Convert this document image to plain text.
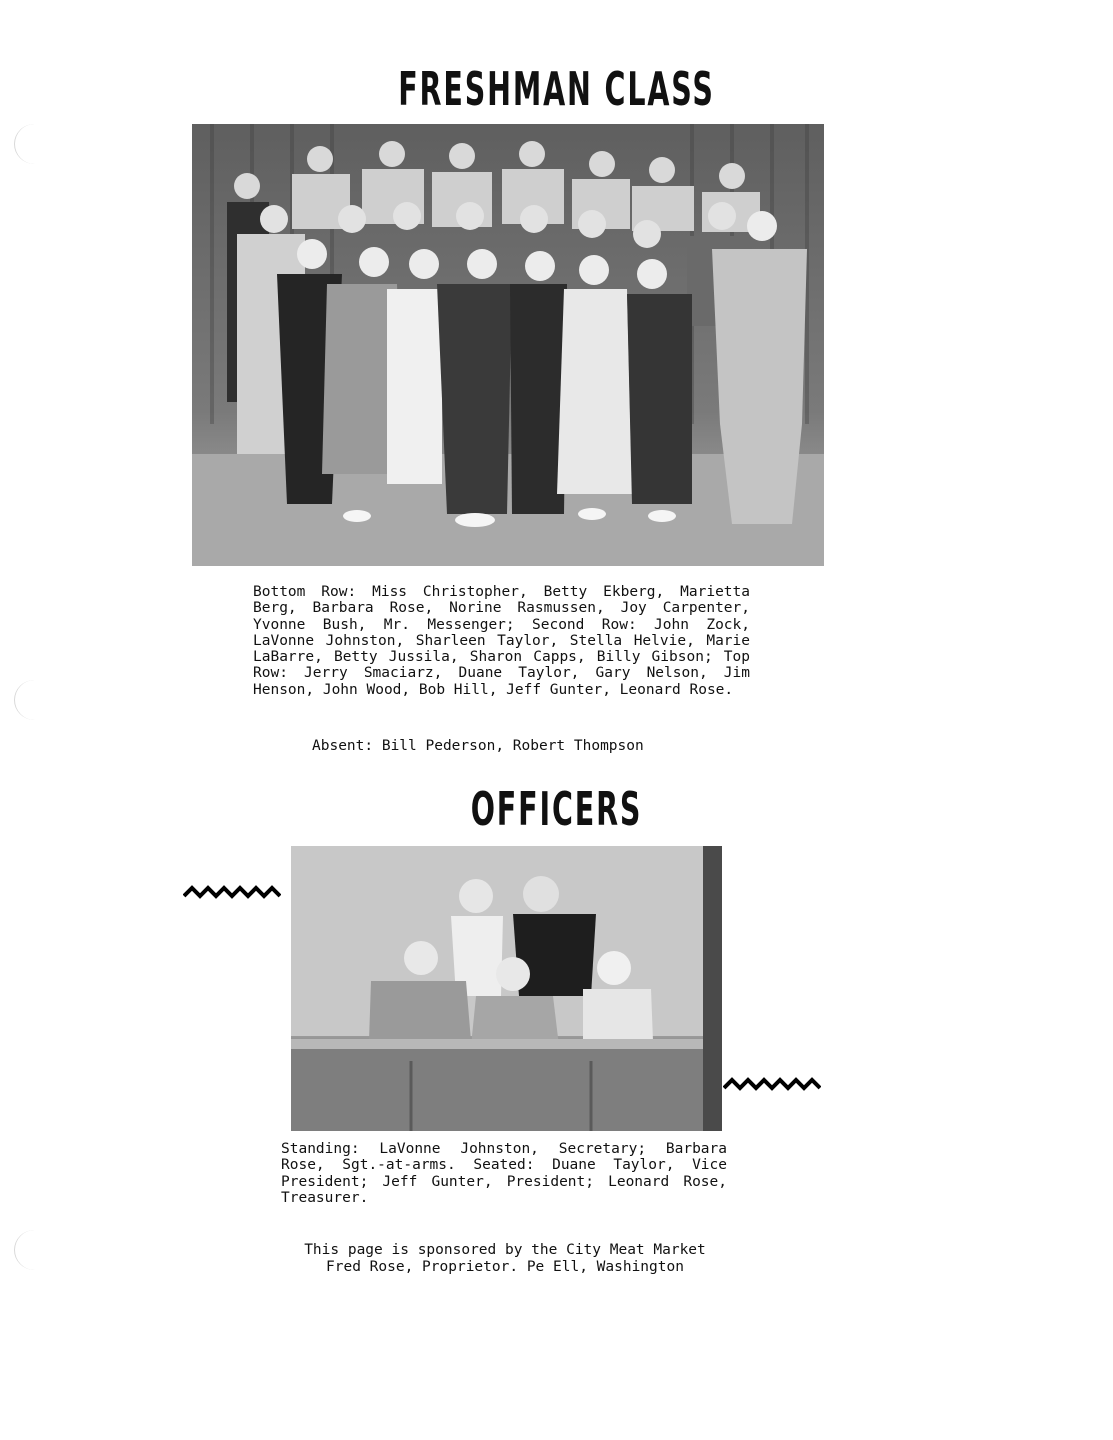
FRESHMAN CLASS
Bottom Row: Miss Christopher, Betty Ekberg, Marietta Berg, Barbara Rose, Norine Rasmussen, Joy Carpenter, Yvonne Bush, Mr. Messenger; Second Row: John Zock, LaVonne Johnston, Sharleen Taylor, Stella Helvie, Marie LaBarre, Betty Jussila, Sharon Capps, Billy Gibson; Top Row: Jerry Smaciarz, Duane Taylor, Gary Nelson, Jim Henson, John Wood, Bob Hill, Jeff Gunter, Leonard Rose.
Absent: Bill Pederson, Robert Thompson
OFFICERS
Standing: LaVonne Johnston, Secretary; Barbara Rose, Sgt.-at-arms. Seated: Duane Taylor, Vice President; Jeff Gunter, President; Leonard Rose, Treasurer.
This page is sponsored by the City Meat Market
Fred Rose, Proprietor. Pe Ell, Washington
